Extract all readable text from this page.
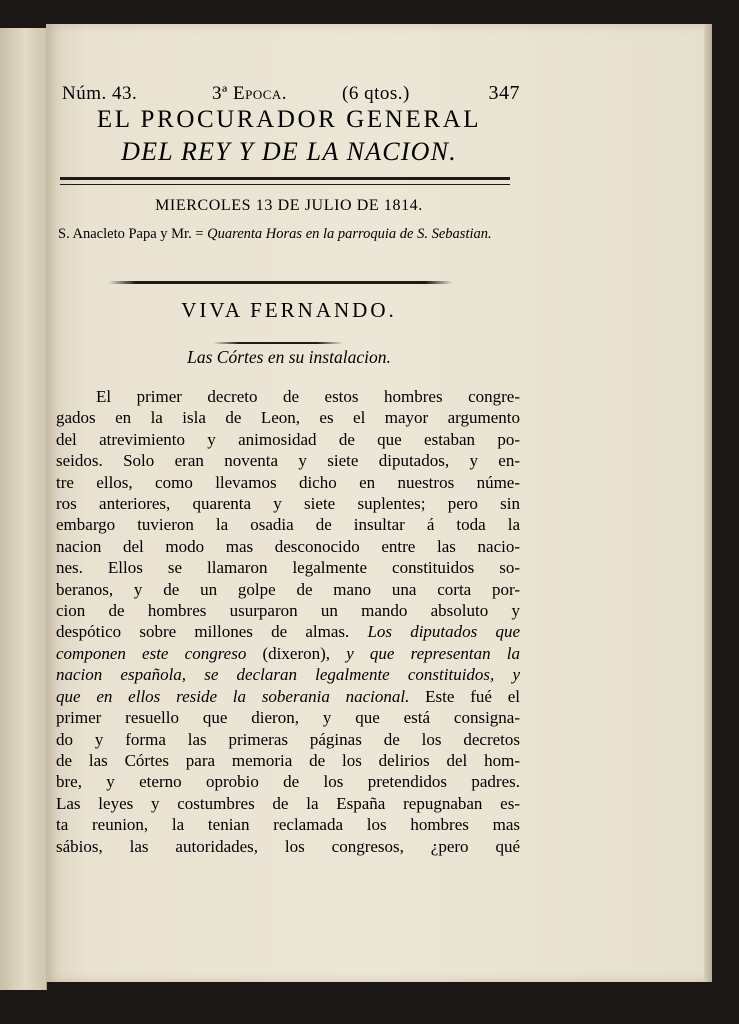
Núm. 43.	3ª Epoca.	(6 qtos.)	347
EL PROCURADOR GENERAL
DEL REY Y DE LA NACION.
MIERCOLES 13 DE JULIO DE 1814.
S. Anacleto Papa y Mr. = Quarenta Horas en la parroquia de S. Sebastian.
VIVA FERNANDO.
Las Córtes en su instalacion.
El primer decreto de estos hombres congre-
gados en la isla de Leon, es el mayor argumento
del atrevimiento y animosidad de que estaban po-
seidos. Solo eran noventa y siete diputados, y en-
tre ellos, como llevamos dicho en nuestros núme-
ros anteriores, quarenta y siete suplentes; pero sin
embargo tuvieron la osadia de insultar á toda la
nacion del modo mas desconocido entre las nacio-
nes. Ellos se llamaron legalmente constituidos so-
beranos, y de un golpe de mano una corta por-
cion de hombres usurparon un mando absoluto y
despótico sobre millones de almas. Los diputados que
componen este congreso (dixeron), y que representan la
nacion española, se declaran legalmente constituidos, y
que en ellos reside la soberania nacional. Este fué el
primer resuello que dieron, y que está consigna-
do y forma las primeras páginas de los decretos
de las Córtes para memoria de los delirios del hom-
bre, y eterno oprobio de los pretendidos padres.
Las leyes y costumbres de la España repugnaban es-
ta reunion, la tenian reclamada los hombres mas
sábios, las autoridades, los congresos, ¿pero qué
